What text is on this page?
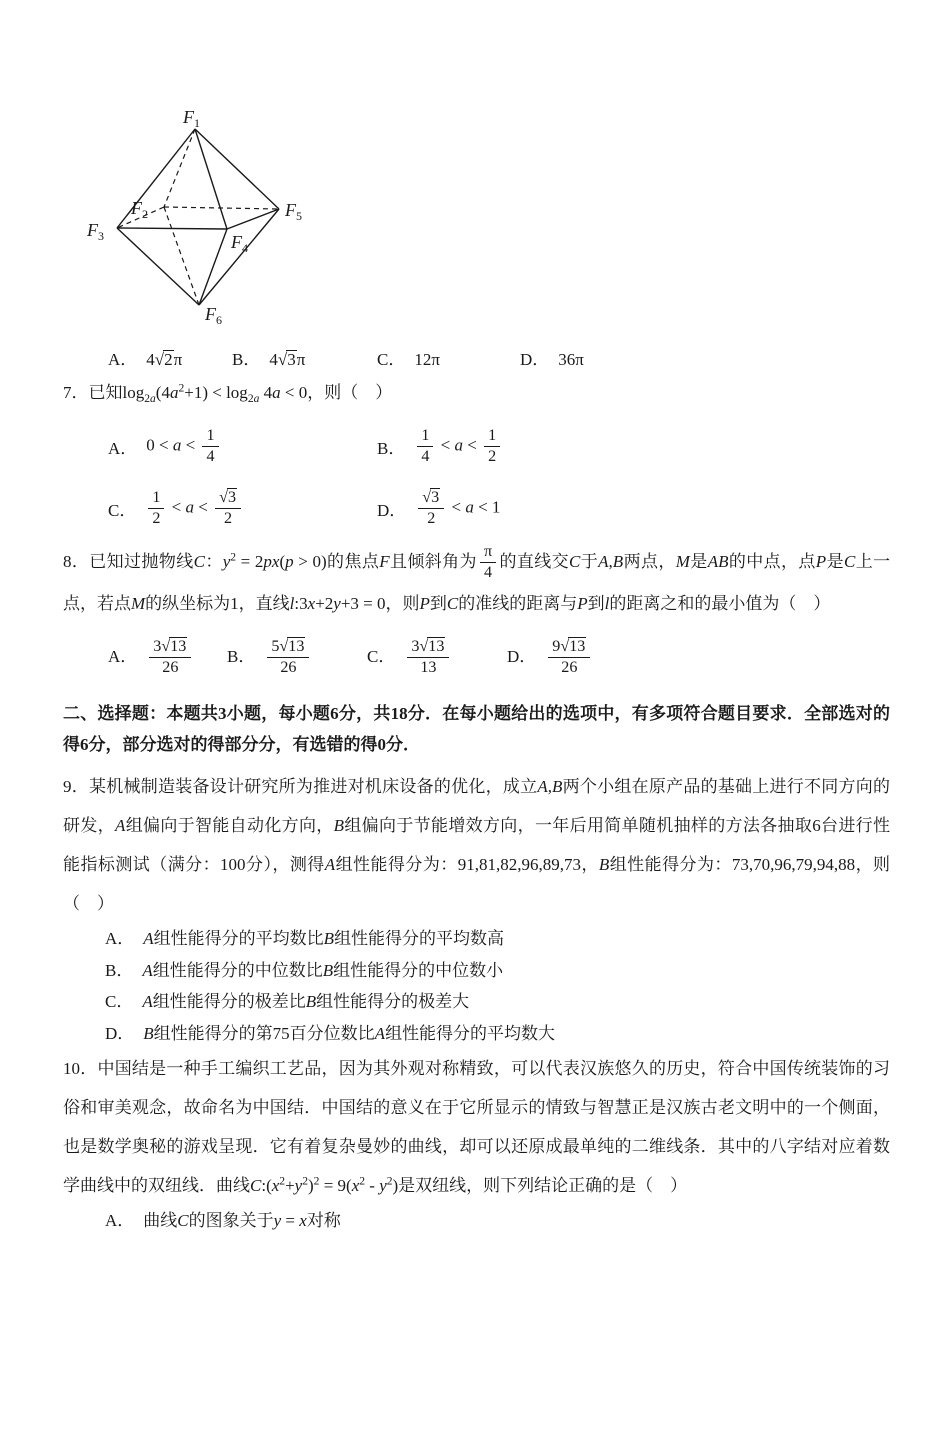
$F_1$
$F_2$
$F_3$	$F_4$
$F_5$
$F_6$
A． 4√2π	B． 4√3π	C． 12π	D． 36π

7．已知$\log_{2a}(4a^2+1) < \log_{2a} 4a < 0$，则（　）

A． $0 < a < \frac{1}{4}$	B． $\frac{1}{4} < a < \frac{1}{2}$
C． $\frac{1}{2} < a < \frac{√3}{2}$	D． $\frac{√3}{2} < a < 1$

8．已知过抛物线C：$y^2 = 2px(p > 0)$的焦点F且倾斜角为 $\frac{\pi}{4}$ 的直线交C于A,B两点，M是AB的中点，点P是C上一点，若点M的纵坐标为1，直线l:3x+2y+3 = 0，则P到C的准线的距离与P到l的距离之和的最小值为（　）

A． $\frac{3√13}{26}$ B． $\frac{5√13}{26}$	C． $\frac{3√13}{13}$	D． $\frac{9√13}{26}$

二、选择题：本题共3小题，每小题6分，共18分．在每小题给出的选项中，有多项符合题目要求．全部选对的得6分，部分选对的得部分分，有选错的得0分．

9．某机械制造装备设计研究所为推进对机床设备的优化，成立A,B两个小组在原产品的基础上进行不同方向的研发，A组偏向于智能自动化方向，B组偏向于节能增效方向，一年后用简单随机抽样的方法各抽取6台进行性能指标测试（满分：100分），测得A组性能得分为：91,81,82,96,89,73，B组性能得分为：73,70,96,79,94,88，则（　）

A． A组性能得分的平均数比B组性能得分的平均数高
B． A组性能得分的中位数比B组性能得分的中位数小
C． A组性能得分的极差比B组性能得分的极差大
D． B组性能得分的第75百分位数比A组性能得分的平均数大

10．中国结是一种手工编织工艺品，因为其外观对称精致，可以代表汉族悠久的历史，符合中国传统装饰的习俗和审美观念，故命名为中国结．中国结的意义在于它所显示的情致与智慧正是汉族古老文明中的一个侧面，也是数学奥秘的游戏呈现．它有着复杂曼妙的曲线，却可以还原成最单纯的二维线条．其中的八字结对应着数学曲线中的双纽线．曲线$C:(x^2+y^2)^2 = 9(x^2 - y^2)$是双纽线，则下列结论正确的是（　）

A． 曲线C的图象关于y = x对称
